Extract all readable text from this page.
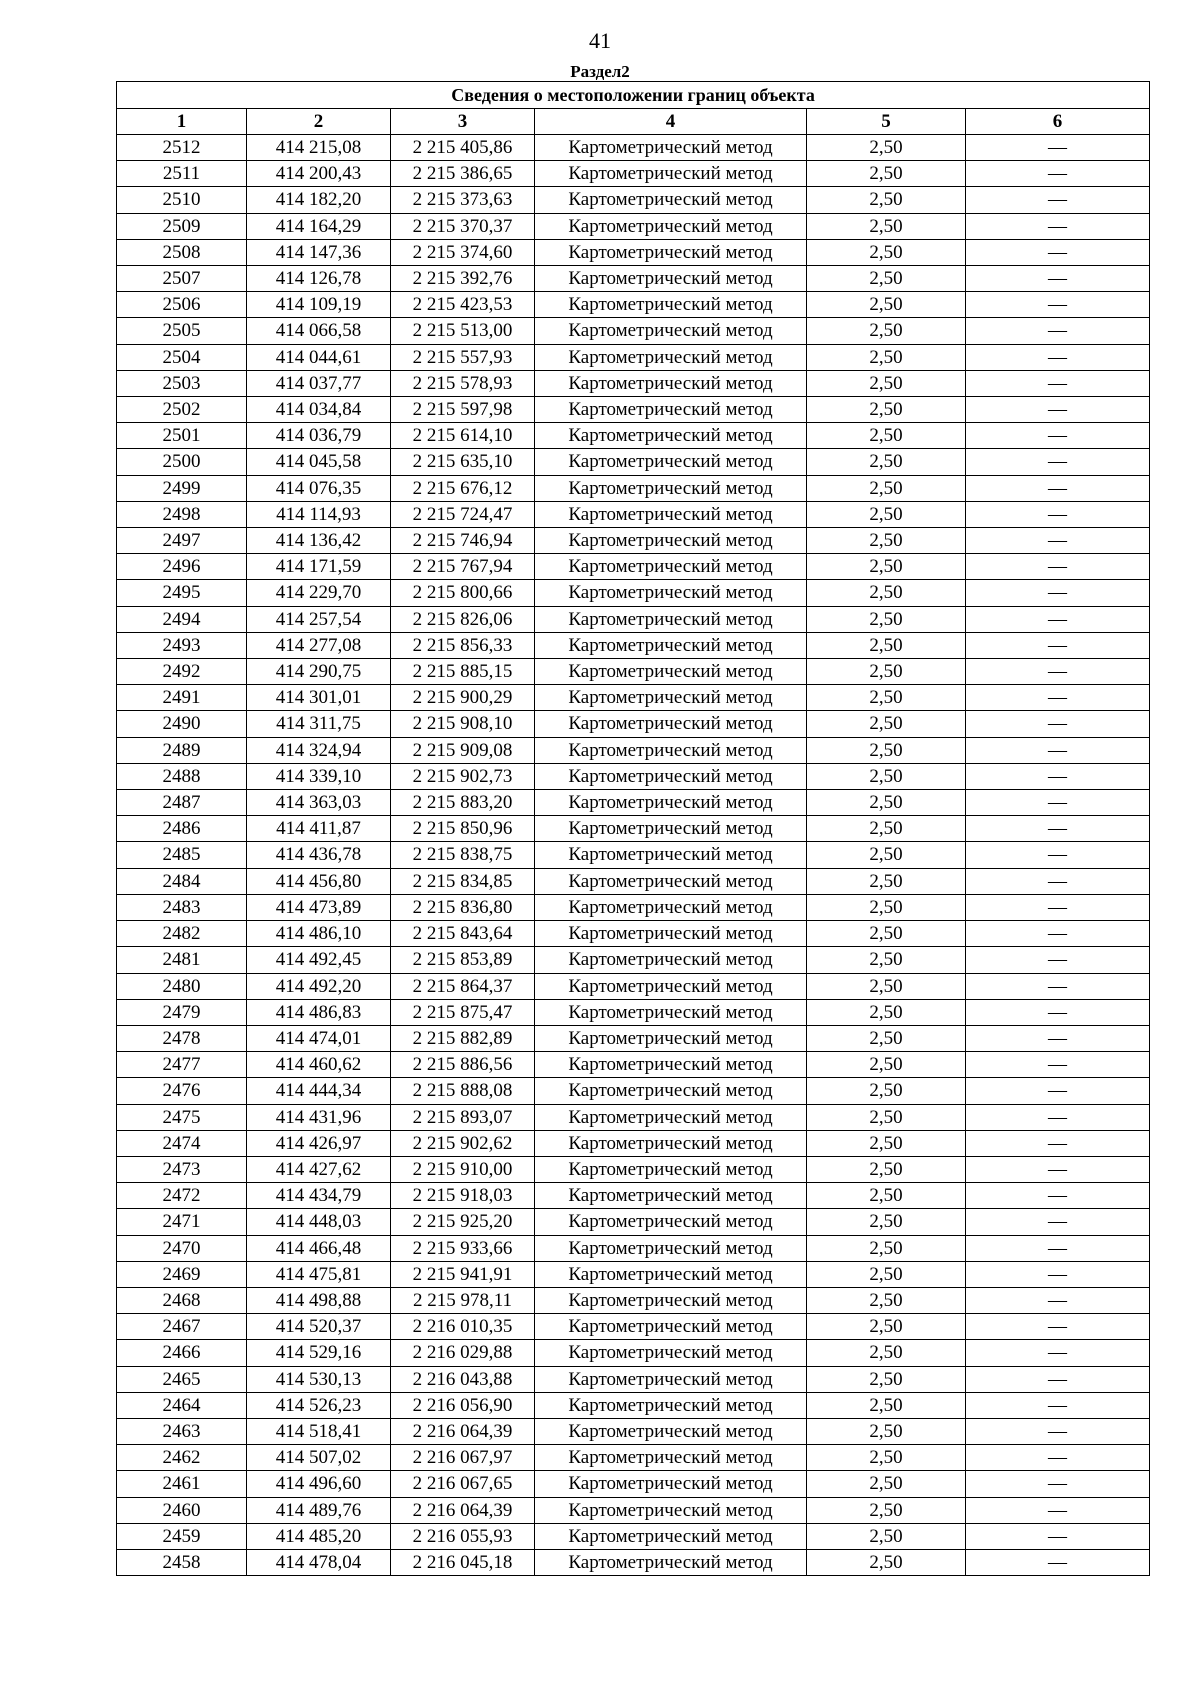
41
Раздел2
Сведения о местоположении границ объекта					
1	2	3	4	5	6
2512	414 215,08	2 215 405,86	Картометрический метод	2,50	—
2511	414 200,43	2 215 386,65	Картометрический метод	2,50	—
2510	414 182,20	2 215 373,63	Картометрический метод	2,50	—
2509	414 164,29	2 215 370,37	Картометрический метод	2,50	—
2508	414 147,36	2 215 374,60	Картометрический метод	2,50	—
2507	414 126,78	2 215 392,76	Картометрический метод	2,50	—
2506	414 109,19	2 215 423,53	Картометрический метод	2,50	—
2505	414 066,58	2 215 513,00	Картометрический метод	2,50	—
2504	414 044,61	2 215 557,93	Картометрический метод	2,50	—
2503	414 037,77	2 215 578,93	Картометрический метод	2,50	—
2502	414 034,84	2 215 597,98	Картометрический метод	2,50	—
2501	414 036,79	2 215 614,10	Картометрический метод	2,50	—
2500	414 045,58	2 215 635,10	Картометрический метод	2,50	—
2499	414 076,35	2 215 676,12	Картометрический метод	2,50	—
2498	414 114,93	2 215 724,47	Картометрический метод	2,50	—
2497	414 136,42	2 215 746,94	Картометрический метод	2,50	—
2496	414 171,59	2 215 767,94	Картометрический метод	2,50	—
2495	414 229,70	2 215 800,66	Картометрический метод	2,50	—
2494	414 257,54	2 215 826,06	Картометрический метод	2,50	—
2493	414 277,08	2 215 856,33	Картометрический метод	2,50	—
2492	414 290,75	2 215 885,15	Картометрический метод	2,50	—
2491	414 301,01	2 215 900,29	Картометрический метод	2,50	—
2490	414 311,75	2 215 908,10	Картометрический метод	2,50	—
2489	414 324,94	2 215 909,08	Картометрический метод	2,50	—
2488	414 339,10	2 215 902,73	Картометрический метод	2,50	—
2487	414 363,03	2 215 883,20	Картометрический метод	2,50	—
2486	414 411,87	2 215 850,96	Картометрический метод	2,50	—
2485	414 436,78	2 215 838,75	Картометрический метод	2,50	—
2484	414 456,80	2 215 834,85	Картометрический метод	2,50	—
2483	414 473,89	2 215 836,80	Картометрический метод	2,50	—
2482	414 486,10	2 215 843,64	Картометрический метод	2,50	—
2481	414 492,45	2 215 853,89	Картометрический метод	2,50	—
2480	414 492,20	2 215 864,37	Картометрический метод	2,50	—
2479	414 486,83	2 215 875,47	Картометрический метод	2,50	—
2478	414 474,01	2 215 882,89	Картометрический метод	2,50	—
2477	414 460,62	2 215 886,56	Картометрический метод	2,50	—
2476	414 444,34	2 215 888,08	Картометрический метод	2,50	—
2475	414 431,96	2 215 893,07	Картометрический метод	2,50	—
2474	414 426,97	2 215 902,62	Картометрический метод	2,50	—
2473	414 427,62	2 215 910,00	Картометрический метод	2,50	—
2472	414 434,79	2 215 918,03	Картометрический метод	2,50	—
2471	414 448,03	2 215 925,20	Картометрический метод	2,50	—
2470	414 466,48	2 215 933,66	Картометрический метод	2,50	—
2469	414 475,81	2 215 941,91	Картометрический метод	2,50	—
2468	414 498,88	2 215 978,11	Картометрический метод	2,50	—
2467	414 520,37	2 216 010,35	Картометрический метод	2,50	—
2466	414 529,16	2 216 029,88	Картометрический метод	2,50	—
2465	414 530,13	2 216 043,88	Картометрический метод	2,50	—
2464	414 526,23	2 216 056,90	Картометрический метод	2,50	—
2463	414 518,41	2 216 064,39	Картометрический метод	2,50	—
2462	414 507,02	2 216 067,97	Картометрический метод	2,50	—
2461	414 496,60	2 216 067,65	Картометрический метод	2,50	—
2460	414 489,76	2 216 064,39	Картометрический метод	2,50	—
2459	414 485,20	2 216 055,93	Картометрический метод	2,50	—
2458	414 478,04	2 216 045,18	Картометрический метод	2,50	—
